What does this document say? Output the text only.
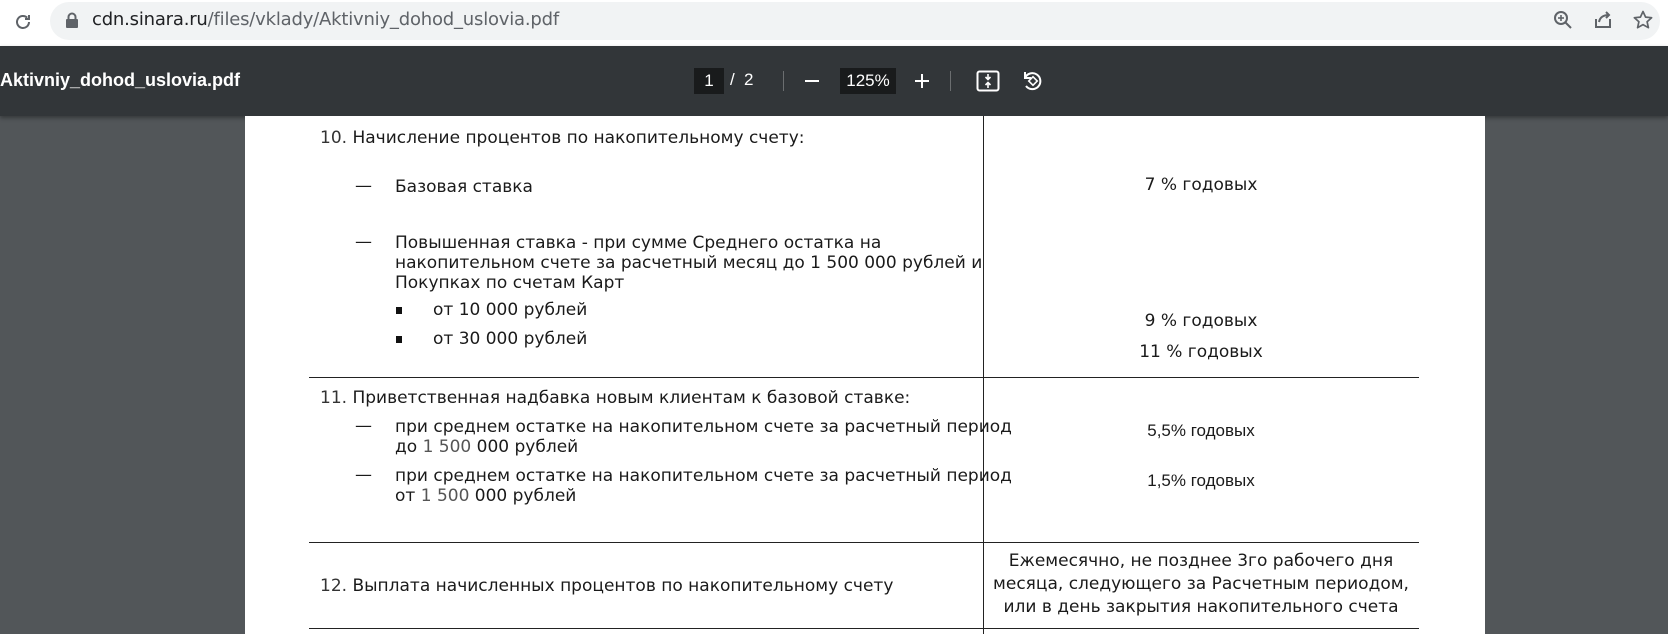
cdn.sinara.ru/files/vklady/Aktivniy_dohod_uslovia.pdf
Aktivniy_dohod_uslovia.pdf	1 / 2	125%
10. Начисление процентов по накопительному счету:
— Базовая ставка	7 % годовых
— Повышенная ставка - при сумме Среднего остатка на
накопительном счете за расчетный месяц до 1 500 000 рублей и
Покупках по счетам Карт
от 10 000 рублей
9 % годовых
от 30 000 рублей
11 % годовых
11. Приветственная надбавка новым клиентам к базовой ставке:
— при среднем остатке на накопительном счете за расчетный период
до 1 500 000 рублей
5,5% годовых
— при среднем остатке на накопительном счете за расчетный период
от 1 500 000 рублей
1,5% годовых
12. Выплата начисленных процентов по накопительному счету
Ежемесячно, не позднее 3го рабочего дня
месяца, следующего за Расчетным периодом,
или в день закрытия накопительного счета
